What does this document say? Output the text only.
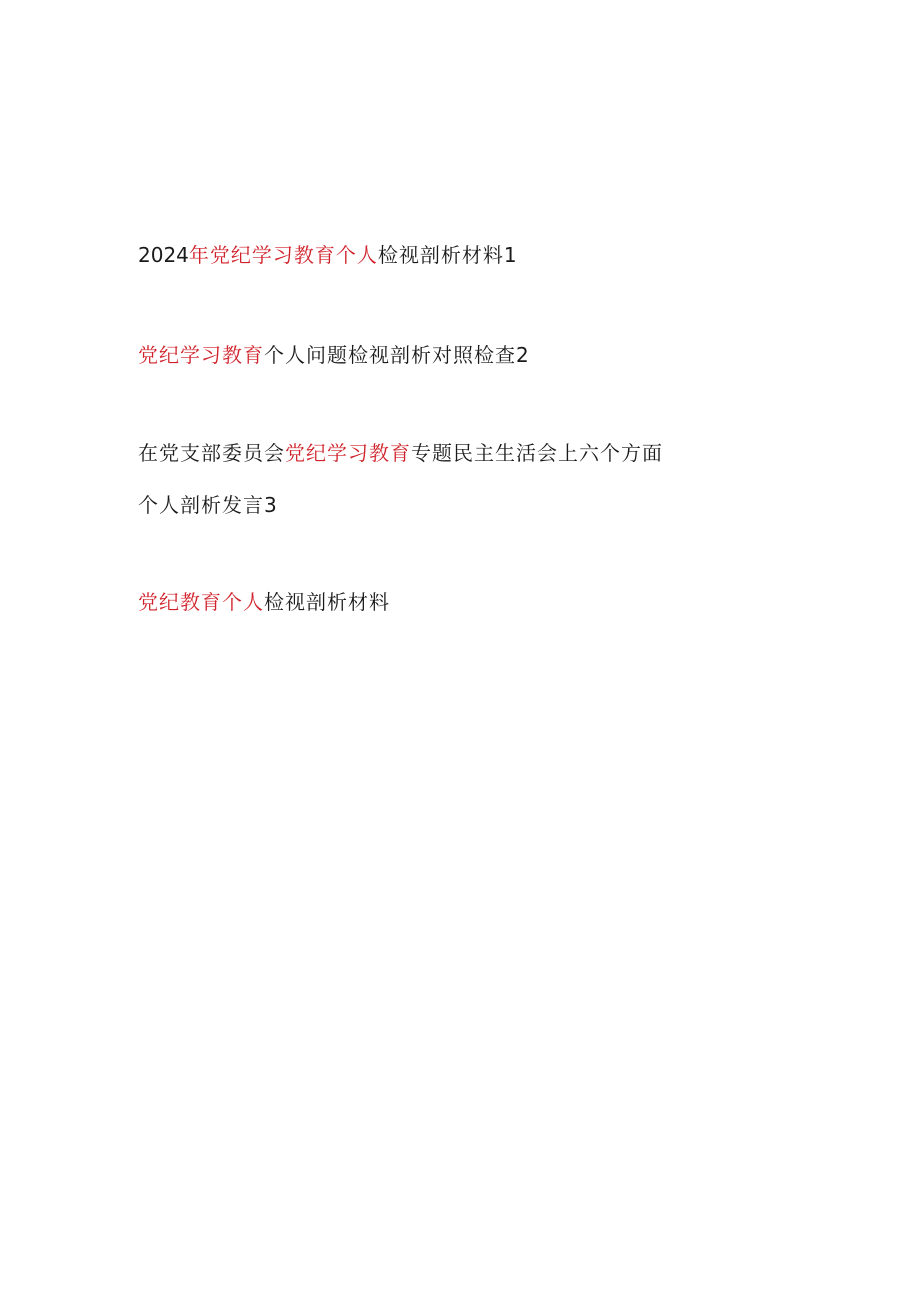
2024年党纪学习教育个人检视剖析材料1
党纪学习教育个人问题检视剖析对照检查2
在党支部委员会党纪学习教育专题民主生活会上六个方面
个人剖析发言3
党纪教育个人检视剖析材料
